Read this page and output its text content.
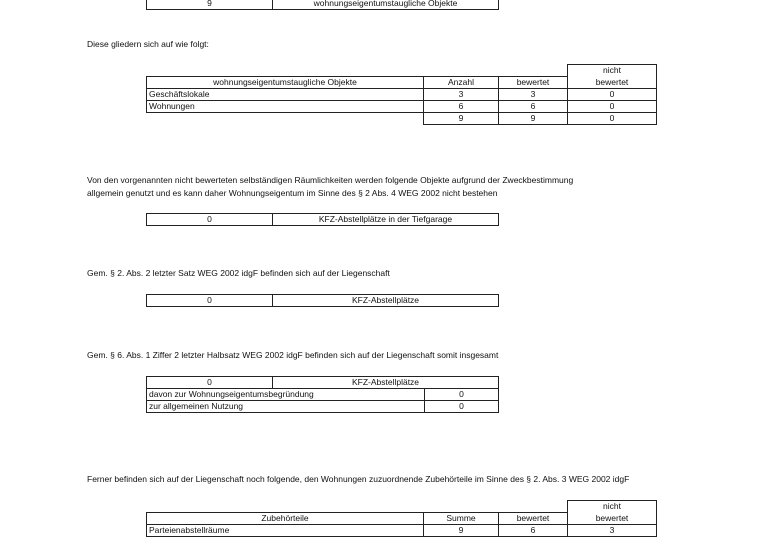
9	wohnungseigentumstaugliche Objekte

Diese gliedern sich auf wie folgt:

			nicht
wohnungseigentumstaugliche Objekte	Anzahl	bewertet	bewertet
Geschäftslokale	3	3	0
Wohnungen	6	6	0
	9	9	0

Von den vorgenannten nicht bewerteten selbständigen Räumlichkeiten werden folgende Objekte aufgrund der Zweckbestimmung

allgemein genutzt und es kann daher Wohnungseigentum im Sinne des § 2 Abs. 4 WEG 2002 nicht bestehen

0	KFZ-Abstellplätze in der Tiefgarage

Gem. § 2. Abs. 2 letzter Satz WEG 2002 idgF befinden sich auf der Liegenschaft

0	KFZ-Abstellplätze

Gem. § 6. Abs. 1 Ziffer 2 letzter Halbsatz WEG 2002 idgF befinden sich auf der Liegenschaft somit insgesamt

0	KFZ-Abstellplätze	
davon zur Wohnungseigentumsbegründung		0
zur allgemeinen Nutzung		0

Ferner befinden sich auf der Liegenschaft noch folgende, den Wohnungen zuzuordnende Zubehörteile im Sinne des § 2. Abs. 3 WEG 2002 idgF

			nicht
Zubehörteile	Summe	bewertet	bewertet
Parteienabstellräume	9	6	3
